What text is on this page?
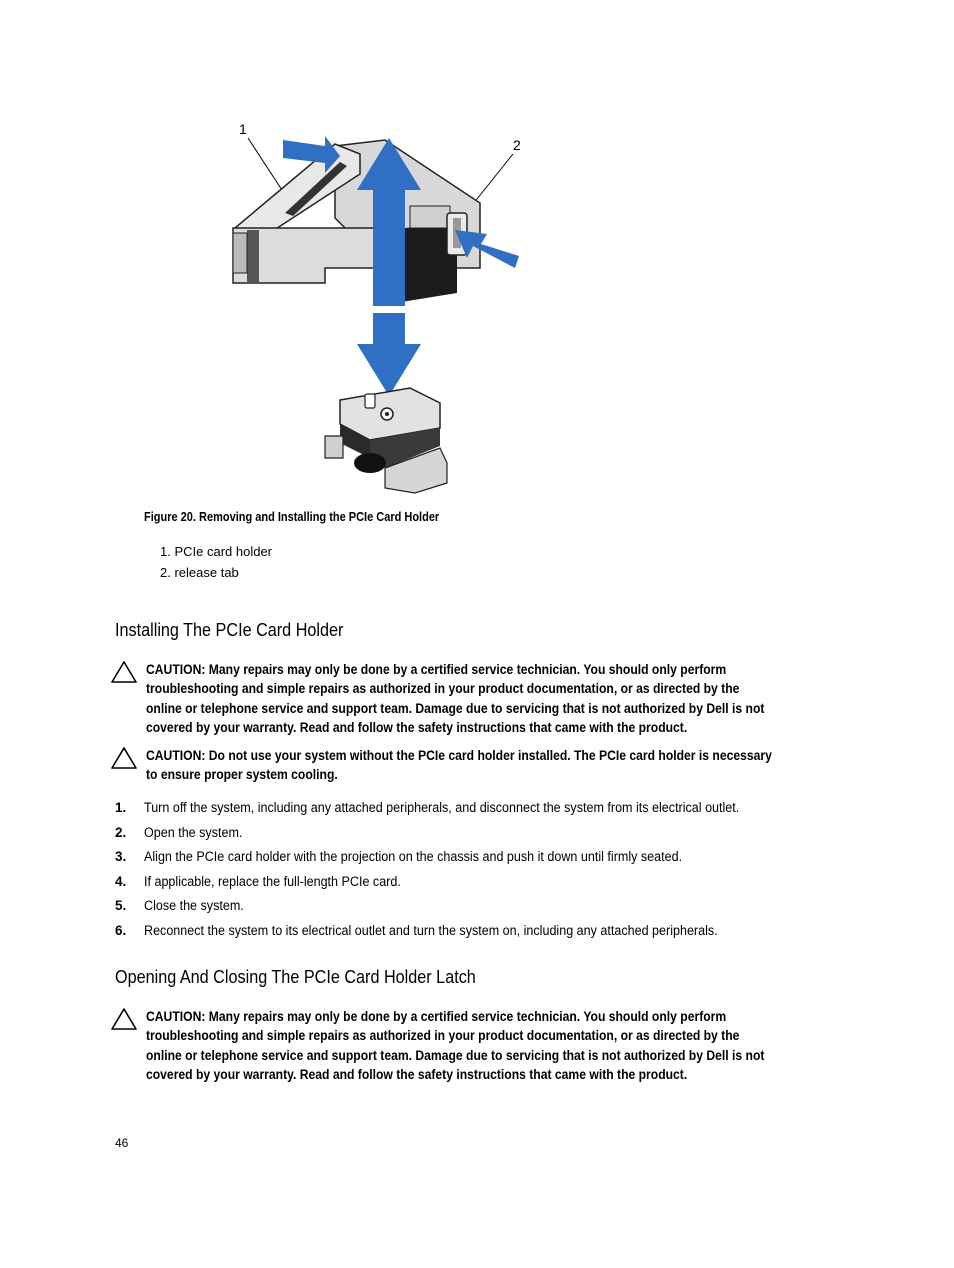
1
2
Figure 20. Removing and Installing the PCIe Card Holder
1. PCIe card holder
2. release tab
Installing The PCIe Card Holder
CAUTION: Many repairs may only be done by a certified service technician. You should only perform troubleshooting and simple repairs as authorized in your product documentation, or as directed by the online or telephone service and support team. Damage due to servicing that is not authorized by Dell is not covered by your warranty. Read and follow the safety instructions that came with the product.
CAUTION: Do not use your system without the PCIe card holder installed. The PCIe card holder is necessary to ensure proper system cooling.
1. Turn off the system, including any attached peripherals, and disconnect the system from its electrical outlet.
2. Open the system.
3. Align the PCIe card holder with the projection on the chassis and push it down until firmly seated.
4. If applicable, replace the full-length PCIe card.
5. Close the system.
6. Reconnect the system to its electrical outlet and turn the system on, including any attached peripherals.
Opening And Closing The PCIe Card Holder Latch
CAUTION: Many repairs may only be done by a certified service technician. You should only perform troubleshooting and simple repairs as authorized in your product documentation, or as directed by the online or telephone service and support team. Damage due to servicing that is not authorized by Dell is not covered by your warranty. Read and follow the safety instructions that came with the product.
46
